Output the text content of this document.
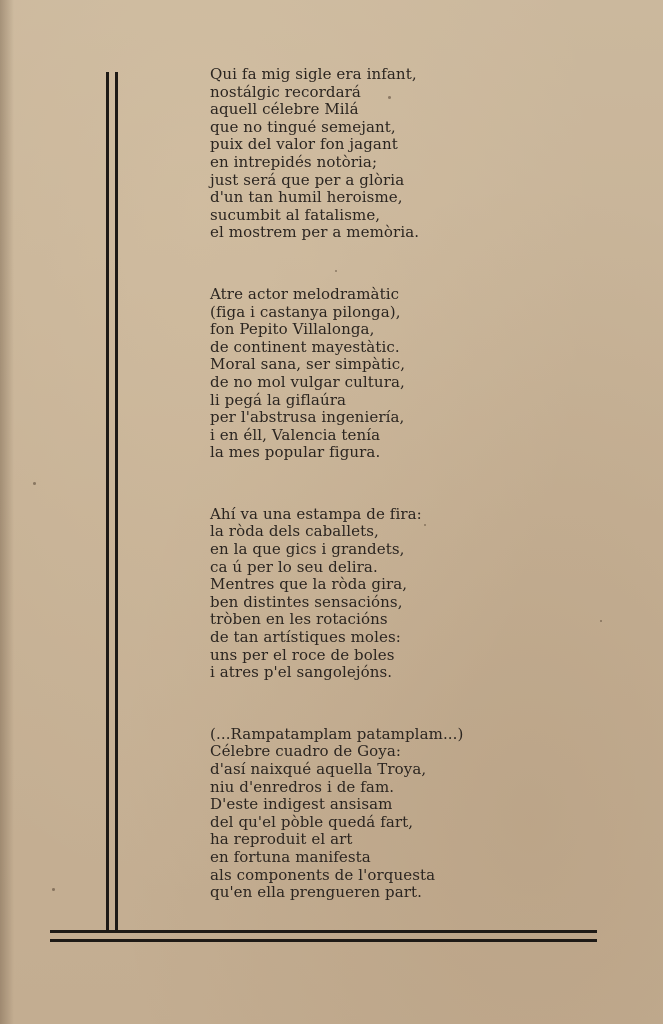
Qui fa mig sigle era infant,
nostálgic recordará
aquell célebre Milá
que no tingué semejant,
puix del valor fon jagant
en intrepidés notòria;
just será que per a glòria
d'un tan humil heroisme,
sucumbit al fatalisme,
el mostrem per a memòria.
Atre actor melodramàtic
(figa i castanya pilonga),
fon Pepito Villalonga,
de continent mayestàtic.
Moral sana, ser simpàtic,
de no mol vulgar cultura,
li pegá la giflaúra
per l'abstrusa ingeniería,
i en éll, Valencia tenía
la mes popular figura.
Ahí va una estampa de fira:
la ròda dels caballets,
en la que gics i grandets,
ca ú per lo seu delira.
Mentres que la ròda gira,
ben distintes sensacións,
tròben en les rotacións
de tan artístiques moles:
uns per el roce de boles
i atres p'el sangolejóns.
(...Rampatamplam patamplam...)
Célebre cuadro de Goya:
d'así naixqué aquella Troya,
niu d'enredros i de fam.
D'este indigest ansisam
del qu'el pòble quedá fart,
ha reproduit el art
en fortuna manifesta
als components de l'orquesta
qu'en ella prengueren part.
